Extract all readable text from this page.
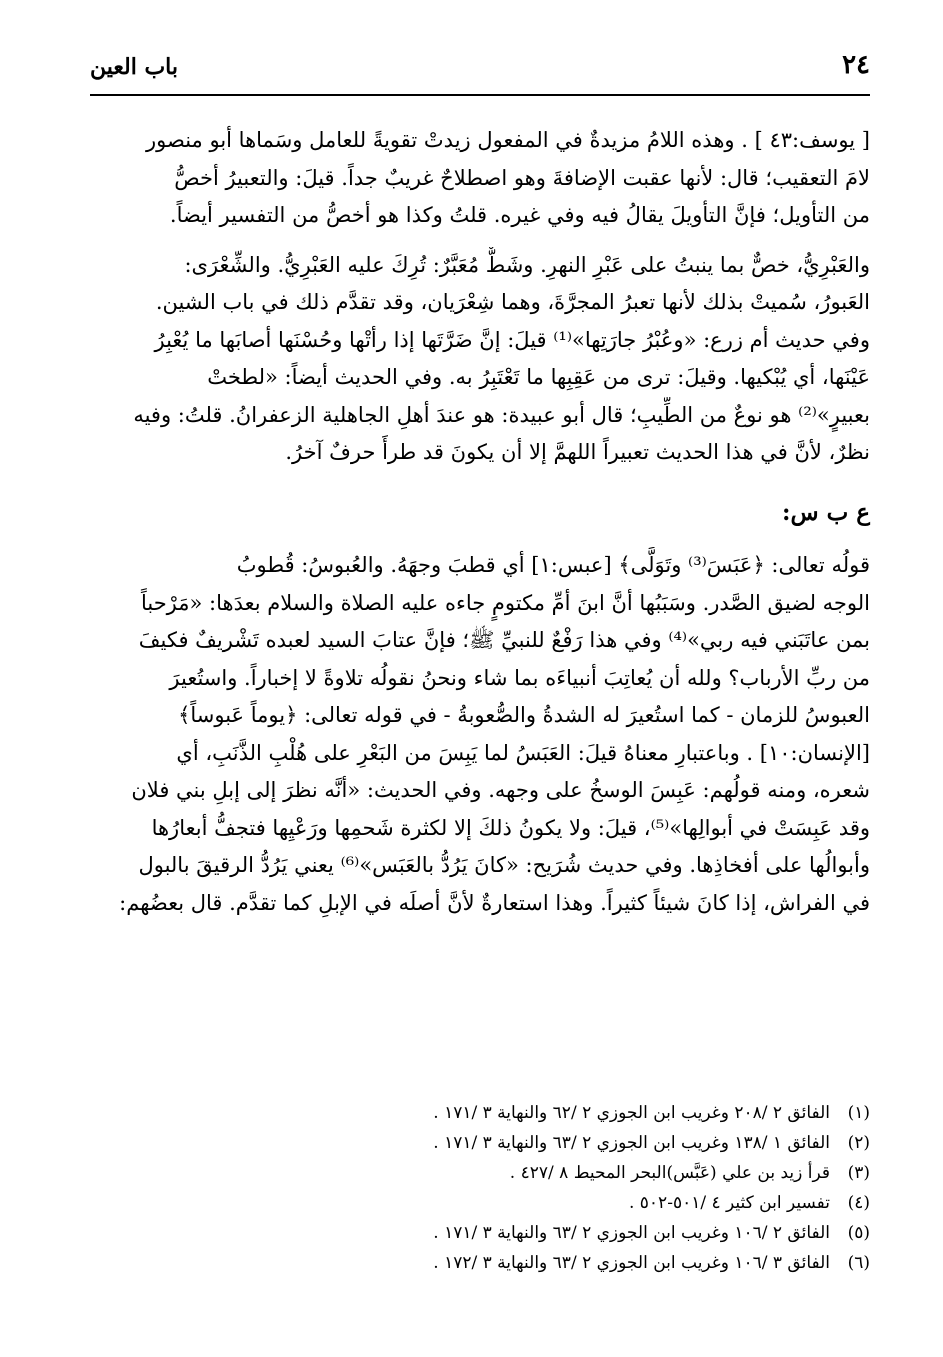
٢٤
باب العين
[ يوسف:٤٣ ] . وهذه اللامُ مزيدةٌ في المفعول زيدتْ تقويةً للعامل وسَماها أبو منصور
لامَ التعقيب؛ قال: لأنها عقبت الإضافةَ وهو اصطلاحٌ غريبٌ جداً. قيلَ: والتعبيرُ أخصُّ
من التأويل؛ فإنَّ التأويلَ يقالُ فيه وفي غيره. قلتُ وكذا هو أخصُّ من التفسير أيضاً.
والعَبْرِيُّ، خصٌّ بما ينبتُ على عَبْرِ النهرِ. وشَطٌّ مُعَبَّرٌ: تُرِكَ عليه العَبْرِيُّ. والشِّعْرَى:
العَبورُ، سُميتْ بذلك لأنها تعبرُ المجرَّةَ، وهما شِعْرَيان، وقد تقدَّم ذلك في باب الشين.
وفي حديث أم زرع: «وعُبْرُ جارَتِها»⁽¹⁾ قيلَ: إنَّ ضَرَّتَها إذا رأتْها وحُسْنَها أصابَها ما يُعْبِرُ
عَيْنَها، أي يُبْكيها. وقيلَ: ترى من عَقِبِها ما تَعْتَبِرُ به. وفي الحديث أيضاً: «لطختْ
بعبيرٍ»⁽²⁾ هو نوعٌ من الطِّيبِ؛ قال أبو عبيدة: هو عندَ أهلِ الجاهلية الزعفرانُ. قلتُ: وفيه
نظرٌ، لأنَّ في هذا الحديث تعبيراً اللهمَّ إلا أن يكونَ قد طرأَ حرفٌ آخرُ.
ع ب س:
قولُه تعالى: ﴿عَبَسَ⁽³⁾ وتَوَلَّى﴾ [عبس:١] أي قطبَ وجهَهُ. والعُبوسُ: قُطوبُ
الوجه لضيق الصَّدر. وسَبَبُها أنَّ ابنَ أمِّ مكتومٍ جاءه عليه الصلاة والسلام بعدَها: «مَرْحباً
بمن عاتَبَني فيه ربي»⁽⁴⁾ وفي هذا رَفْعٌ للنبيِّ ﷺ؛ فإنَّ عتابَ السيد لعبده تَشْريفٌ فكيفَ
من ربِّ الأرباب؟ ولله أن يُعاتِبَ أنبياءَه بما شاء ونحنُ نقولُه تلاوةً لا إخباراً. واستُعيرَ
العبوسُ للزمان - كما استُعيرَ له الشدةُ والصُّعوبةُ - في قوله تعالى: ﴿يوماً عَبوساً﴾
[الإنسان:١٠] . وباعتبارِ معناهُ قيلَ: العَبَسُ لما يَبِسَ من البَعْرِ على هُلْبِ الذَّنَبِ، أي
شعره، ومنه قولُهم: عَبِسَ الوسخُ على وجهه. وفي الحديث: «أنَّه نظرَ إلى إبلِ بني فلان
وقد عَبِسَتْ في أبوالِها»⁽⁵⁾، قيلَ: ولا يكونُ ذلكَ إلا لكثرة شَحمِها ورَعْيِها فتجفُّ أبعارُها
وأبوالُها على أفخاذِها. وفي حديث شُرَيح: «كانَ يَرُدُّ بالعَبَس»⁽⁶⁾ يعني يَرُدُّ الرقيقَ بالبول
في الفراش، إذا كانَ شيئاً كثيراً. وهذا استعارةٌ لأنَّ أصلَه في الإبلِ كما تقدَّم. قال بعضُهم:
(١)الفائق ٢ /٢٠٨ وغريب ابن الجوزي ٢ /٦٢ والنهاية ٣ /١٧١ .
(٢)الفائق ١ /١٣٨ وغريب ابن الجوزي ٢ /٦٣ والنهاية ٣ /١٧١ .
(٣)قرأ زيد بن علي (عَبَّس)البحر المحيط ٨ /٤٢٧ .
(٤)تفسير ابن كثير ٤ /٥٠١-٥٠٢ .
(٥)الفائق ٢ /١٠٦ وغريب ابن الجوزي ٢ /٦٣ والنهاية ٣ /١٧١ .
(٦)الفائق ٣ /١٠٦ وغريب ابن الجوزي ٢ /٦٣ والنهاية ٣ /١٧٢ .
